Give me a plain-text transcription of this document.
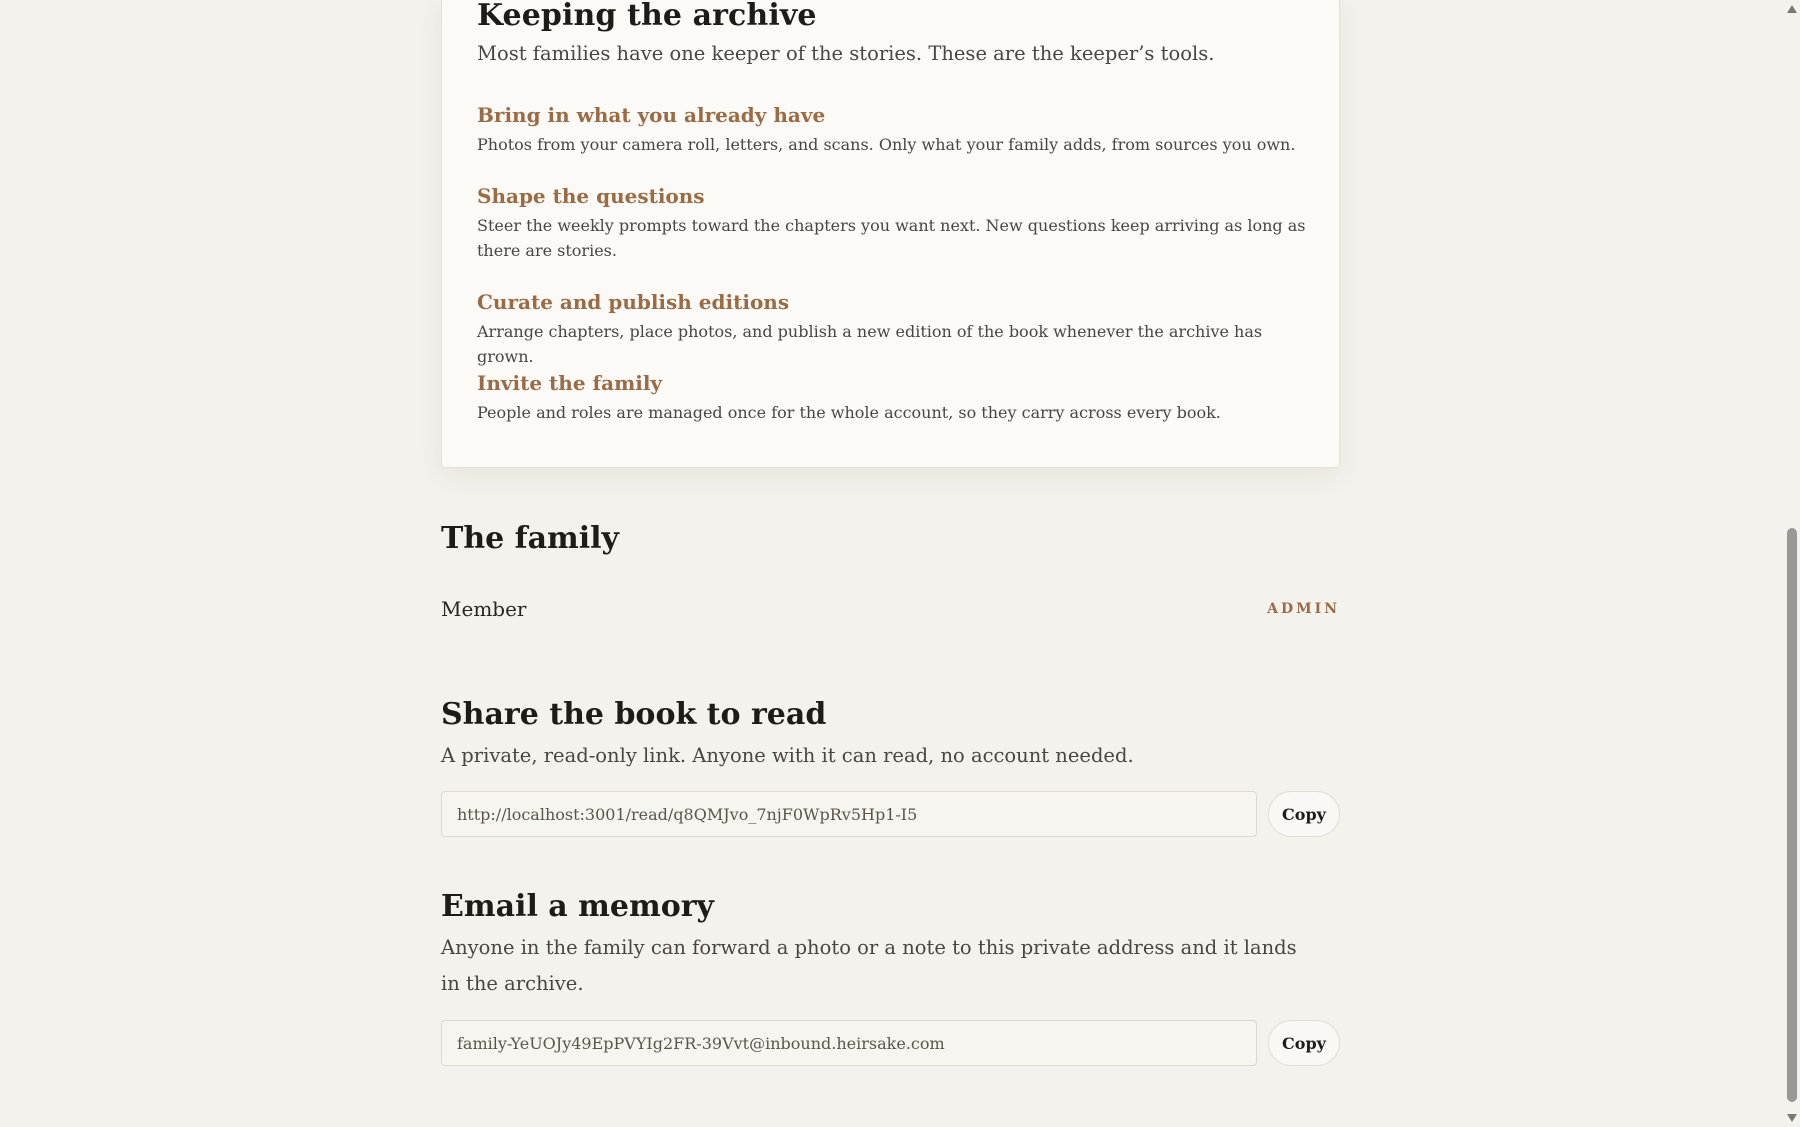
Keeping the archive

Most families have one keeper of the stories. These are the keeper’s tools.

Bring in what you already have

Photos from your camera roll, letters, and scans. Only what your family adds, from sources you own.

Shape the questions

Steer the weekly prompts toward the chapters you want next. New questions keep arriving as long as there are stories.

Curate and publish editions

Arrange chapters, place photos, and publish a new edition of the book whenever the archive has grown.

Invite the family

People and roles are managed once for the whole account, so they carry across every book.

The family
Member	ADMIN
Share the book to read

A private, read-only link. Anyone with it can read, no account needed.

http://localhost:3001/read/q8QMJvo_7njF0WpRv5Hp1-I5
Copy
Email a memory

Anyone in the family can forward a photo or a note to this private address and it lands in the archive.

family-YeUOJy49EpPVYIg2FR-39Vvt@inbound.heirsake.com
Copy
